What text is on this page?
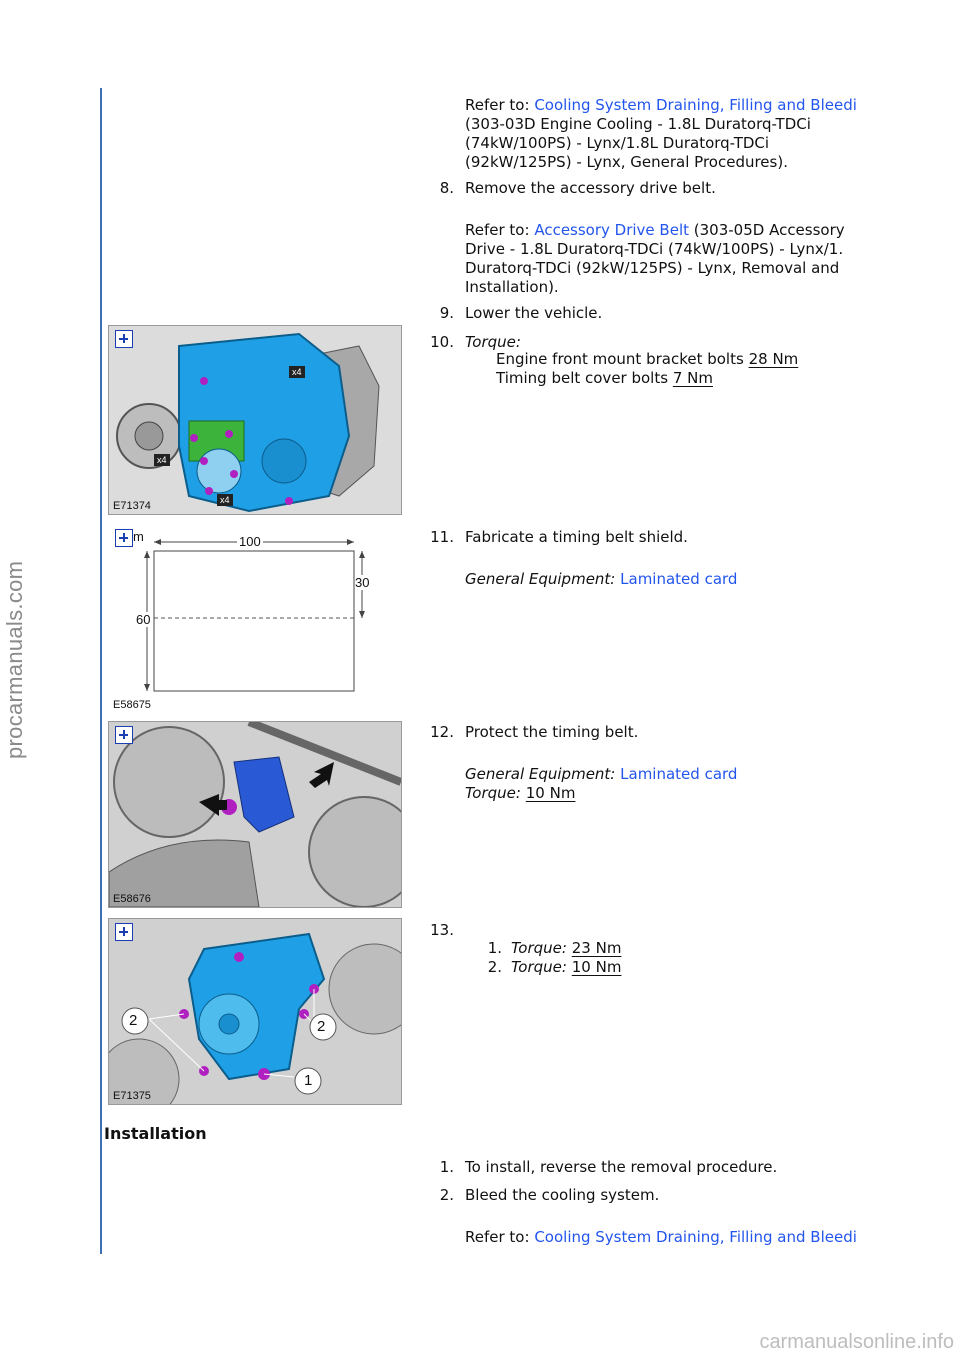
procarmanuals.com
carmanualsonline.info
Refer to: Cooling System Draining, Filling and Bleedi
(303-03D Engine Cooling - 1.8L Duratorq-TDCi
(74kW/100PS) - Lynx/1.8L Duratorq-TDCi
(92kW/125PS) - Lynx, General Procedures).
8. Remove the accessory drive belt.
Refer to: Accessory Drive Belt (303-05D Accessory
Drive - 1.8L Duratorq-TDCi (74kW/100PS) - Lynx/1.
Duratorq-TDCi (92kW/125PS) - Lynx, Removal and
Installation).
9. Lower the vehicle.
x4
x4
x4
E71374
10. Torque:
Engine front mount bracket bolts 28 Nm
Timing belt cover bolts 7 Nm
m	100
60
30
E58675
11. Fabricate a timing belt shield.
General Equipment: Laminated card
E58676
12. Protect the timing belt.
General Equipment: Laminated card
Torque: 10 Nm
2	2
1
E71375
13.
1. Torque: 23 Nm
2. Torque: 10 Nm
Installation
1. To install, reverse the removal procedure.
2. Bleed the cooling system.
Refer to: Cooling System Draining, Filling and Bleedi
